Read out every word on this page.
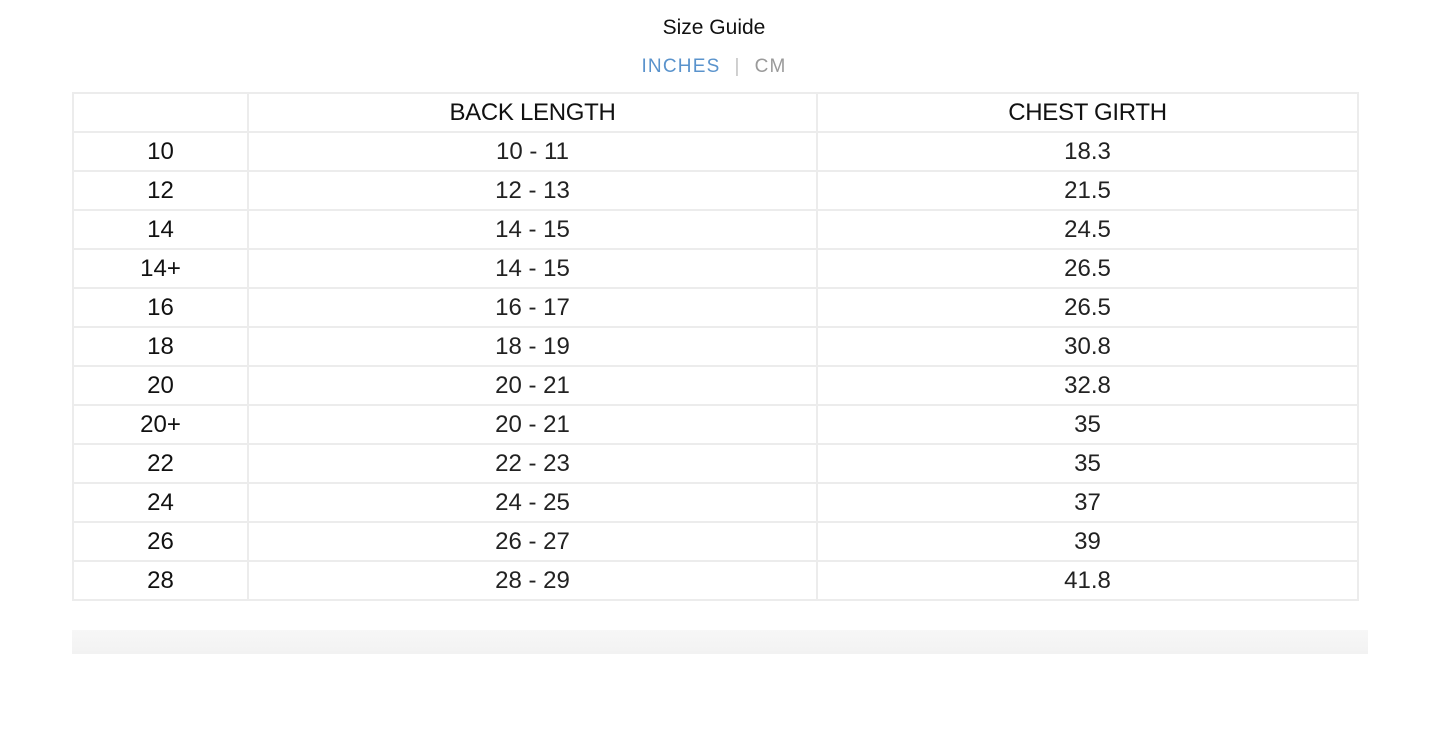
Size Guide
INCHES | CM
	BACK LENGTH	CHEST GIRTH
10	10 - 11	18.3
12	12 - 13	21.5
14	14 - 15	24.5
14+	14 - 15	26.5
16	16 - 17	26.5
18	18 - 19	30.8
20	20 - 21	32.8
20+	20 - 21	35
22	22 - 23	35
24	24 - 25	37
26	26 - 27	39
28	28 - 29	41.8
